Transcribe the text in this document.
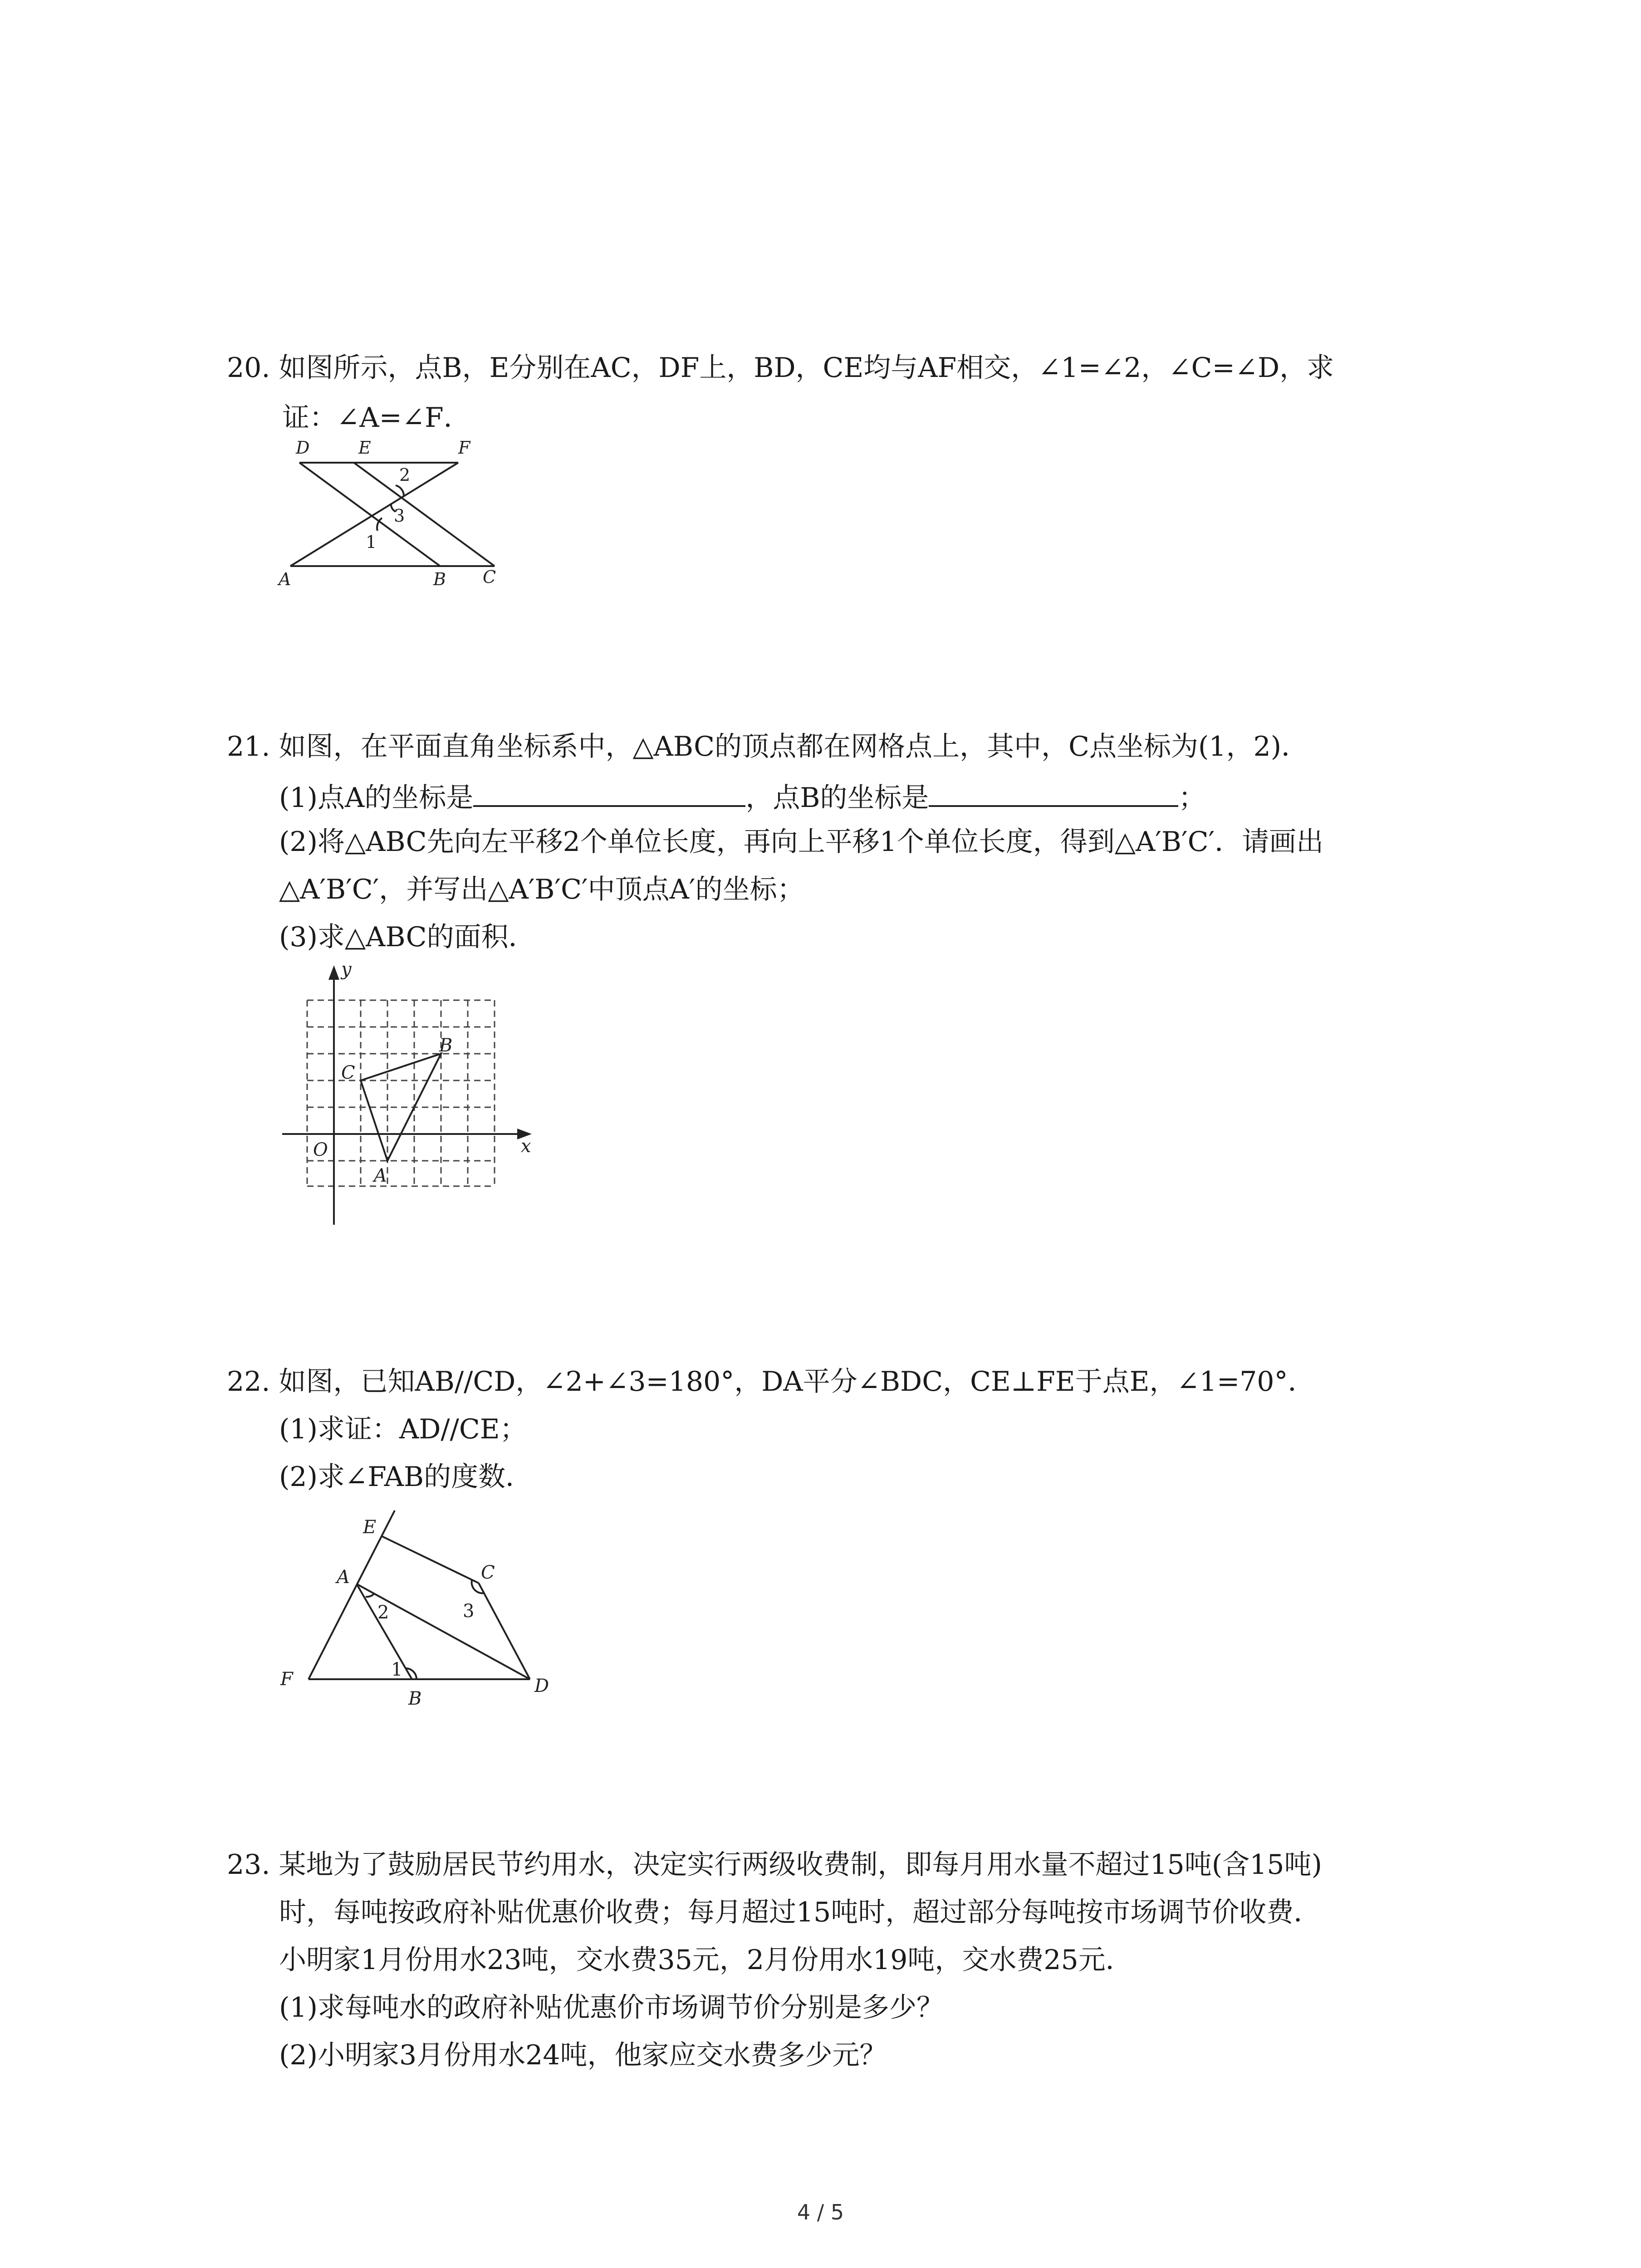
20. 如图所示，点B，E分别在AC，DF上，BD，CE均与AF相交，∠1=∠2，∠C=∠D，求
证：∠A=∠F．
D	E	F
A	B C
1
2
3
21. 如图，在平面直角坐标系中，△ABC的顶点都在网格点上，其中，C点坐标为(1，2)．
(1)点A的坐标是	，点B的坐标是	；
(2)将△ABC先向左平移2个单位长度，再向上平移1个单位长度，得到△A′B′C′．请画出
△A′B′C′，并写出△A′B′C′中顶点A′的坐标；
(3)求△ABC的面积．
y
x
O
A
B
C
22. 如图，已知AB//CD，∠2+∠3=180°，DA平分∠BDC，CE⊥FE于点E，∠1=70°．
(1)求证：AD//CE；
(2)求∠FAB的度数．
E
A	C
F
B
D
1
2	3
23. 某地为了鼓励居民节约用水，决定实行两级收费制，即每月用水量不超过15吨(含15吨)
时，每吨按政府补贴优惠价收费；每月超过15吨时，超过部分每吨按市场调节价收费．
小明家1月份用水23吨，交水费35元，2月份用水19吨，交水费25元．
(1)求每吨水的政府补贴优惠价市场调节价分别是多少？
(2)小明家3月份用水24吨，他家应交水费多少元？
4 / 5
